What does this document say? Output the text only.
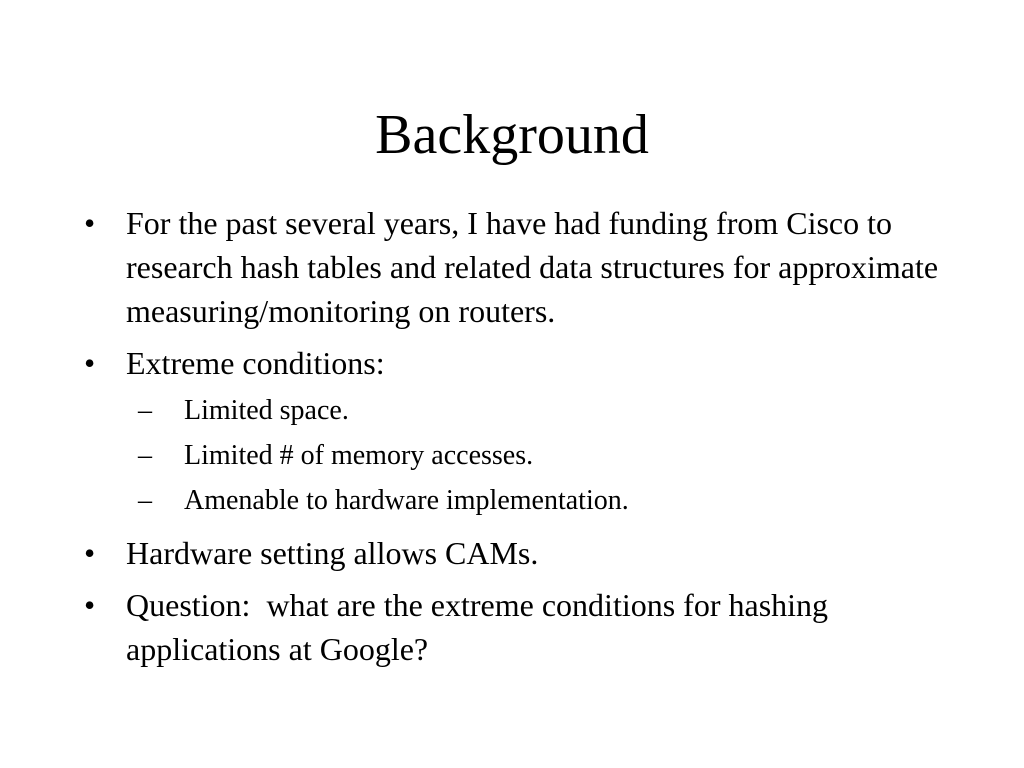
Background
• For the past several years, I have had funding from Cisco to research hash tables and related data structures for approximate measuring/monitoring on routers.
• Extreme conditions:
– Limited space.
– Limited # of memory accesses.
– Amenable to hardware implementation.
• Hardware setting allows CAMs.
• Question:  what are the extreme conditions for hashing applications at Google?
